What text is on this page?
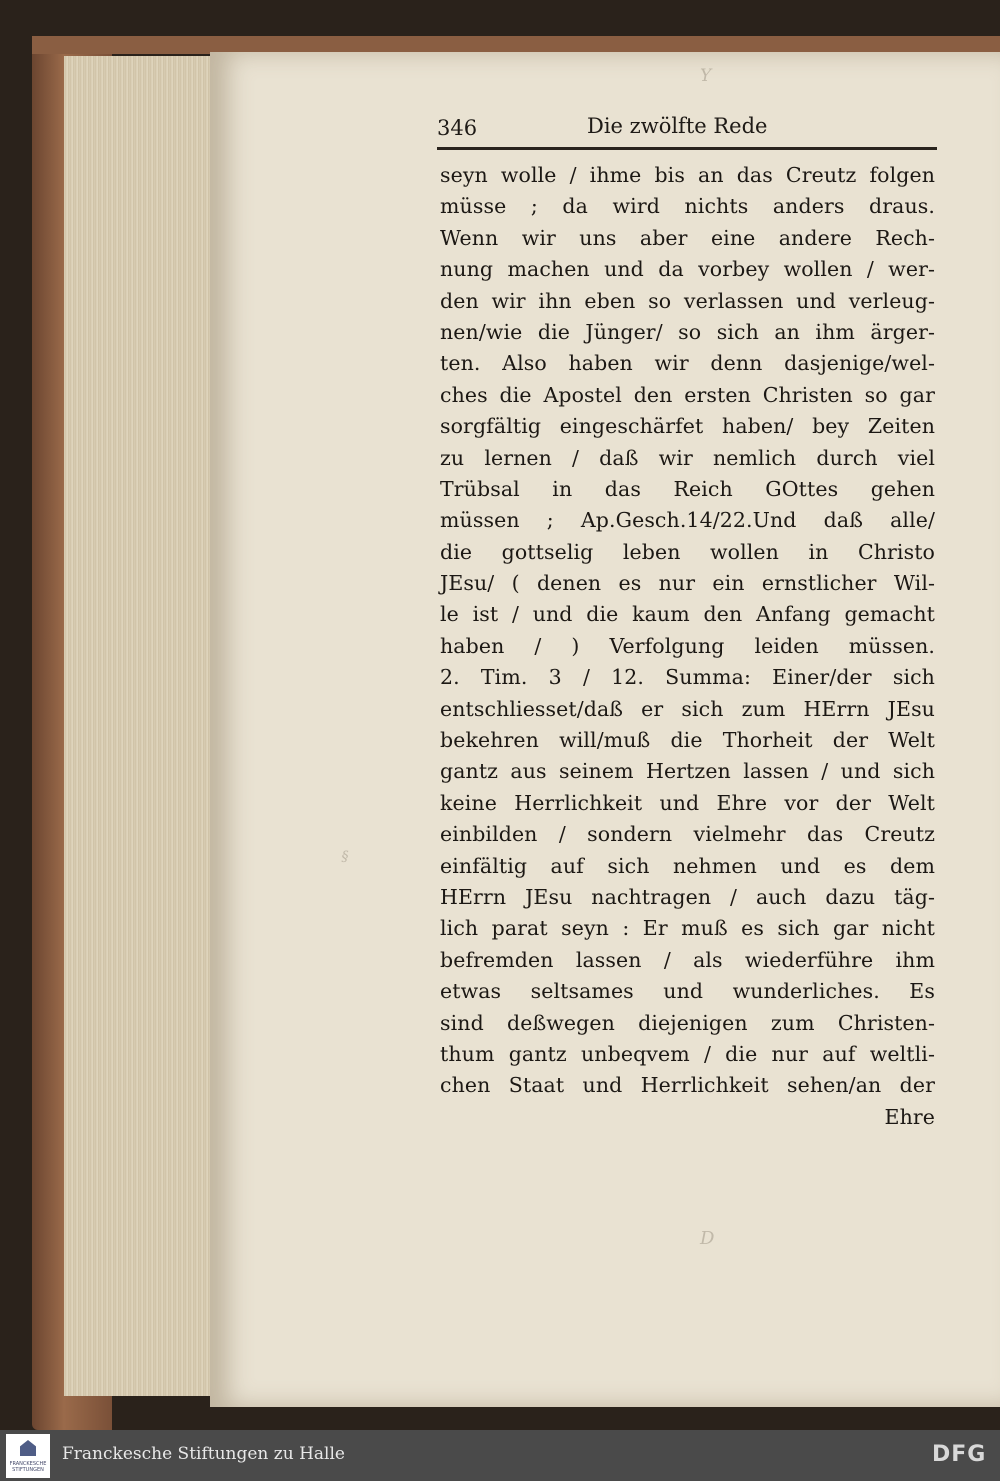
Y
§
D
346	Die zwölfte Rede
seyn wolle / ihme bis an das Creutz folgen
müsse ; da wird nichts anders draus.
Wenn wir uns aber eine andere Rech-
nung machen und da vorbey wollen / wer-
den wir ihn eben so verlassen und verleug-
nen/wie die Jünger/ so sich an ihm ärger-
ten. Also haben wir denn dasjenige/wel-
ches die Apostel den ersten Christen so gar
sorgfältig eingeschärfet haben/ bey Zeiten
zu lernen / daß wir nemlich durch viel
Trübsal in das Reich GOttes gehen
müssen ; Ap.Gesch.14/22.Und daß alle/
die gottselig leben wollen in Christo
JEsu/ ( denen es nur ein ernstlicher Wil-
le ist / und die kaum den Anfang gemacht
haben / ) Verfolgung leiden müssen.
2. Tim. 3 / 12. Summa: Einer/der sich
entschliesset/daß er sich zum HErrn JEsu
bekehren will/muß die Thorheit der Welt
gantz aus seinem Hertzen lassen / und sich
keine Herrlichkeit und Ehre vor der Welt
einbilden / sondern vielmehr das Creutz
einfältig auf sich nehmen und es dem
HErrn JEsu nachtragen / auch dazu täg-
lich parat seyn : Er muß es sich gar nicht
befremden lassen / als wiederführe ihm
etwas seltsames und wunderliches. Es
sind deßwegen diejenigen zum Christen-
thum gantz unbeqvem / die nur auf weltli-
chen Staat und Herrlichkeit sehen/an der
Ehre
FRANCKESCHE STIFTUNGEN
Franckesche Stiftungen zu Halle	DFG
